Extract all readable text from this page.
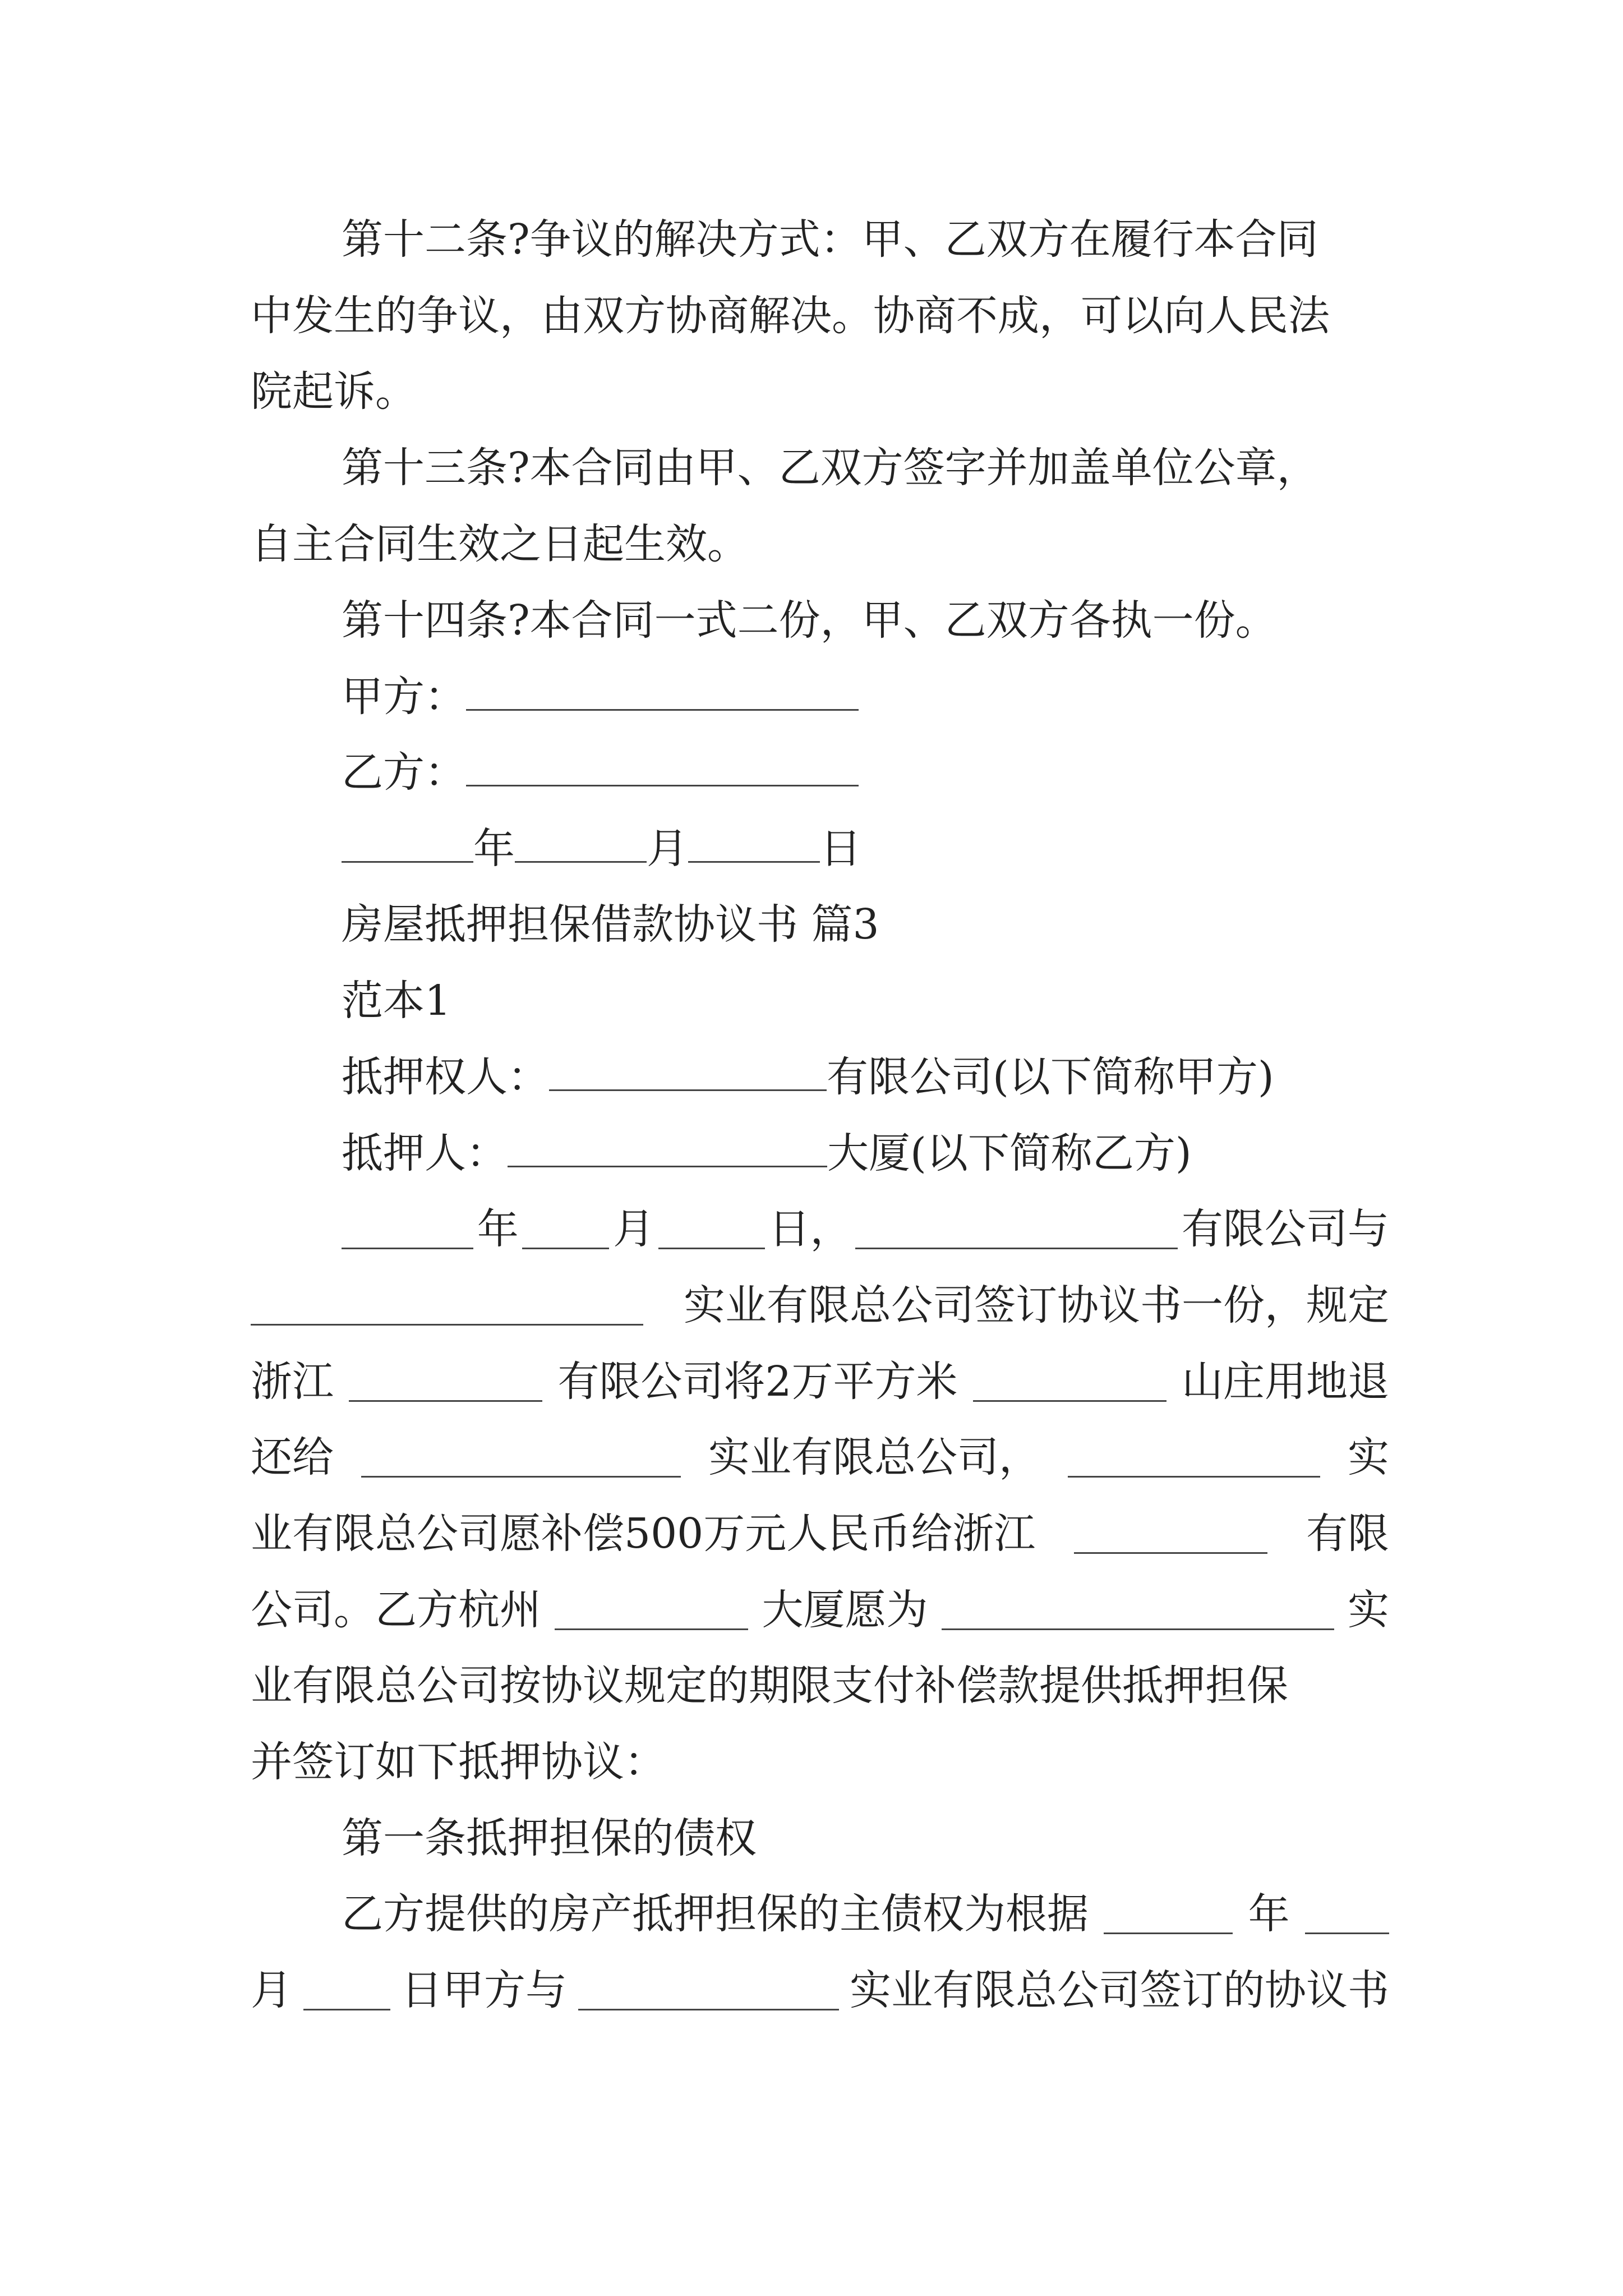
第十二条?争议的解决方式：甲、乙双方在履行本合同
中发生的争议，由双方协商解决。协商不成，可以向人民法
院起诉。
第十三条?本合同由甲、乙双方签字并加盖单位公章，
自主合同生效之日起生效。
第十四条?本合同一式二份，甲、乙双方各执一份。
甲方：
乙方：
年	月	日
房屋抵押担保借款协议书 篇3
范本1
抵押权人：	有限公司(以下简称甲方)
抵押人：	大厦(以下简称乙方)
年 月	日，	有限公司与
实业有限总公司签订协议书一份，规定
浙江	有限公司将2万平方米	山庄用地退
还给	实业有限总公司，	实
业有限总公司愿补偿500万元人民币给浙江	有限
公司。乙方杭州	大厦愿为	实
业有限总公司按协议规定的期限支付补偿款提供抵押担保
并签订如下抵押协议：
第一条抵押担保的债权
乙方提供的房产抵押担保的主债权为根据	年
月	日甲方与	实业有限总公司签订的协议书
